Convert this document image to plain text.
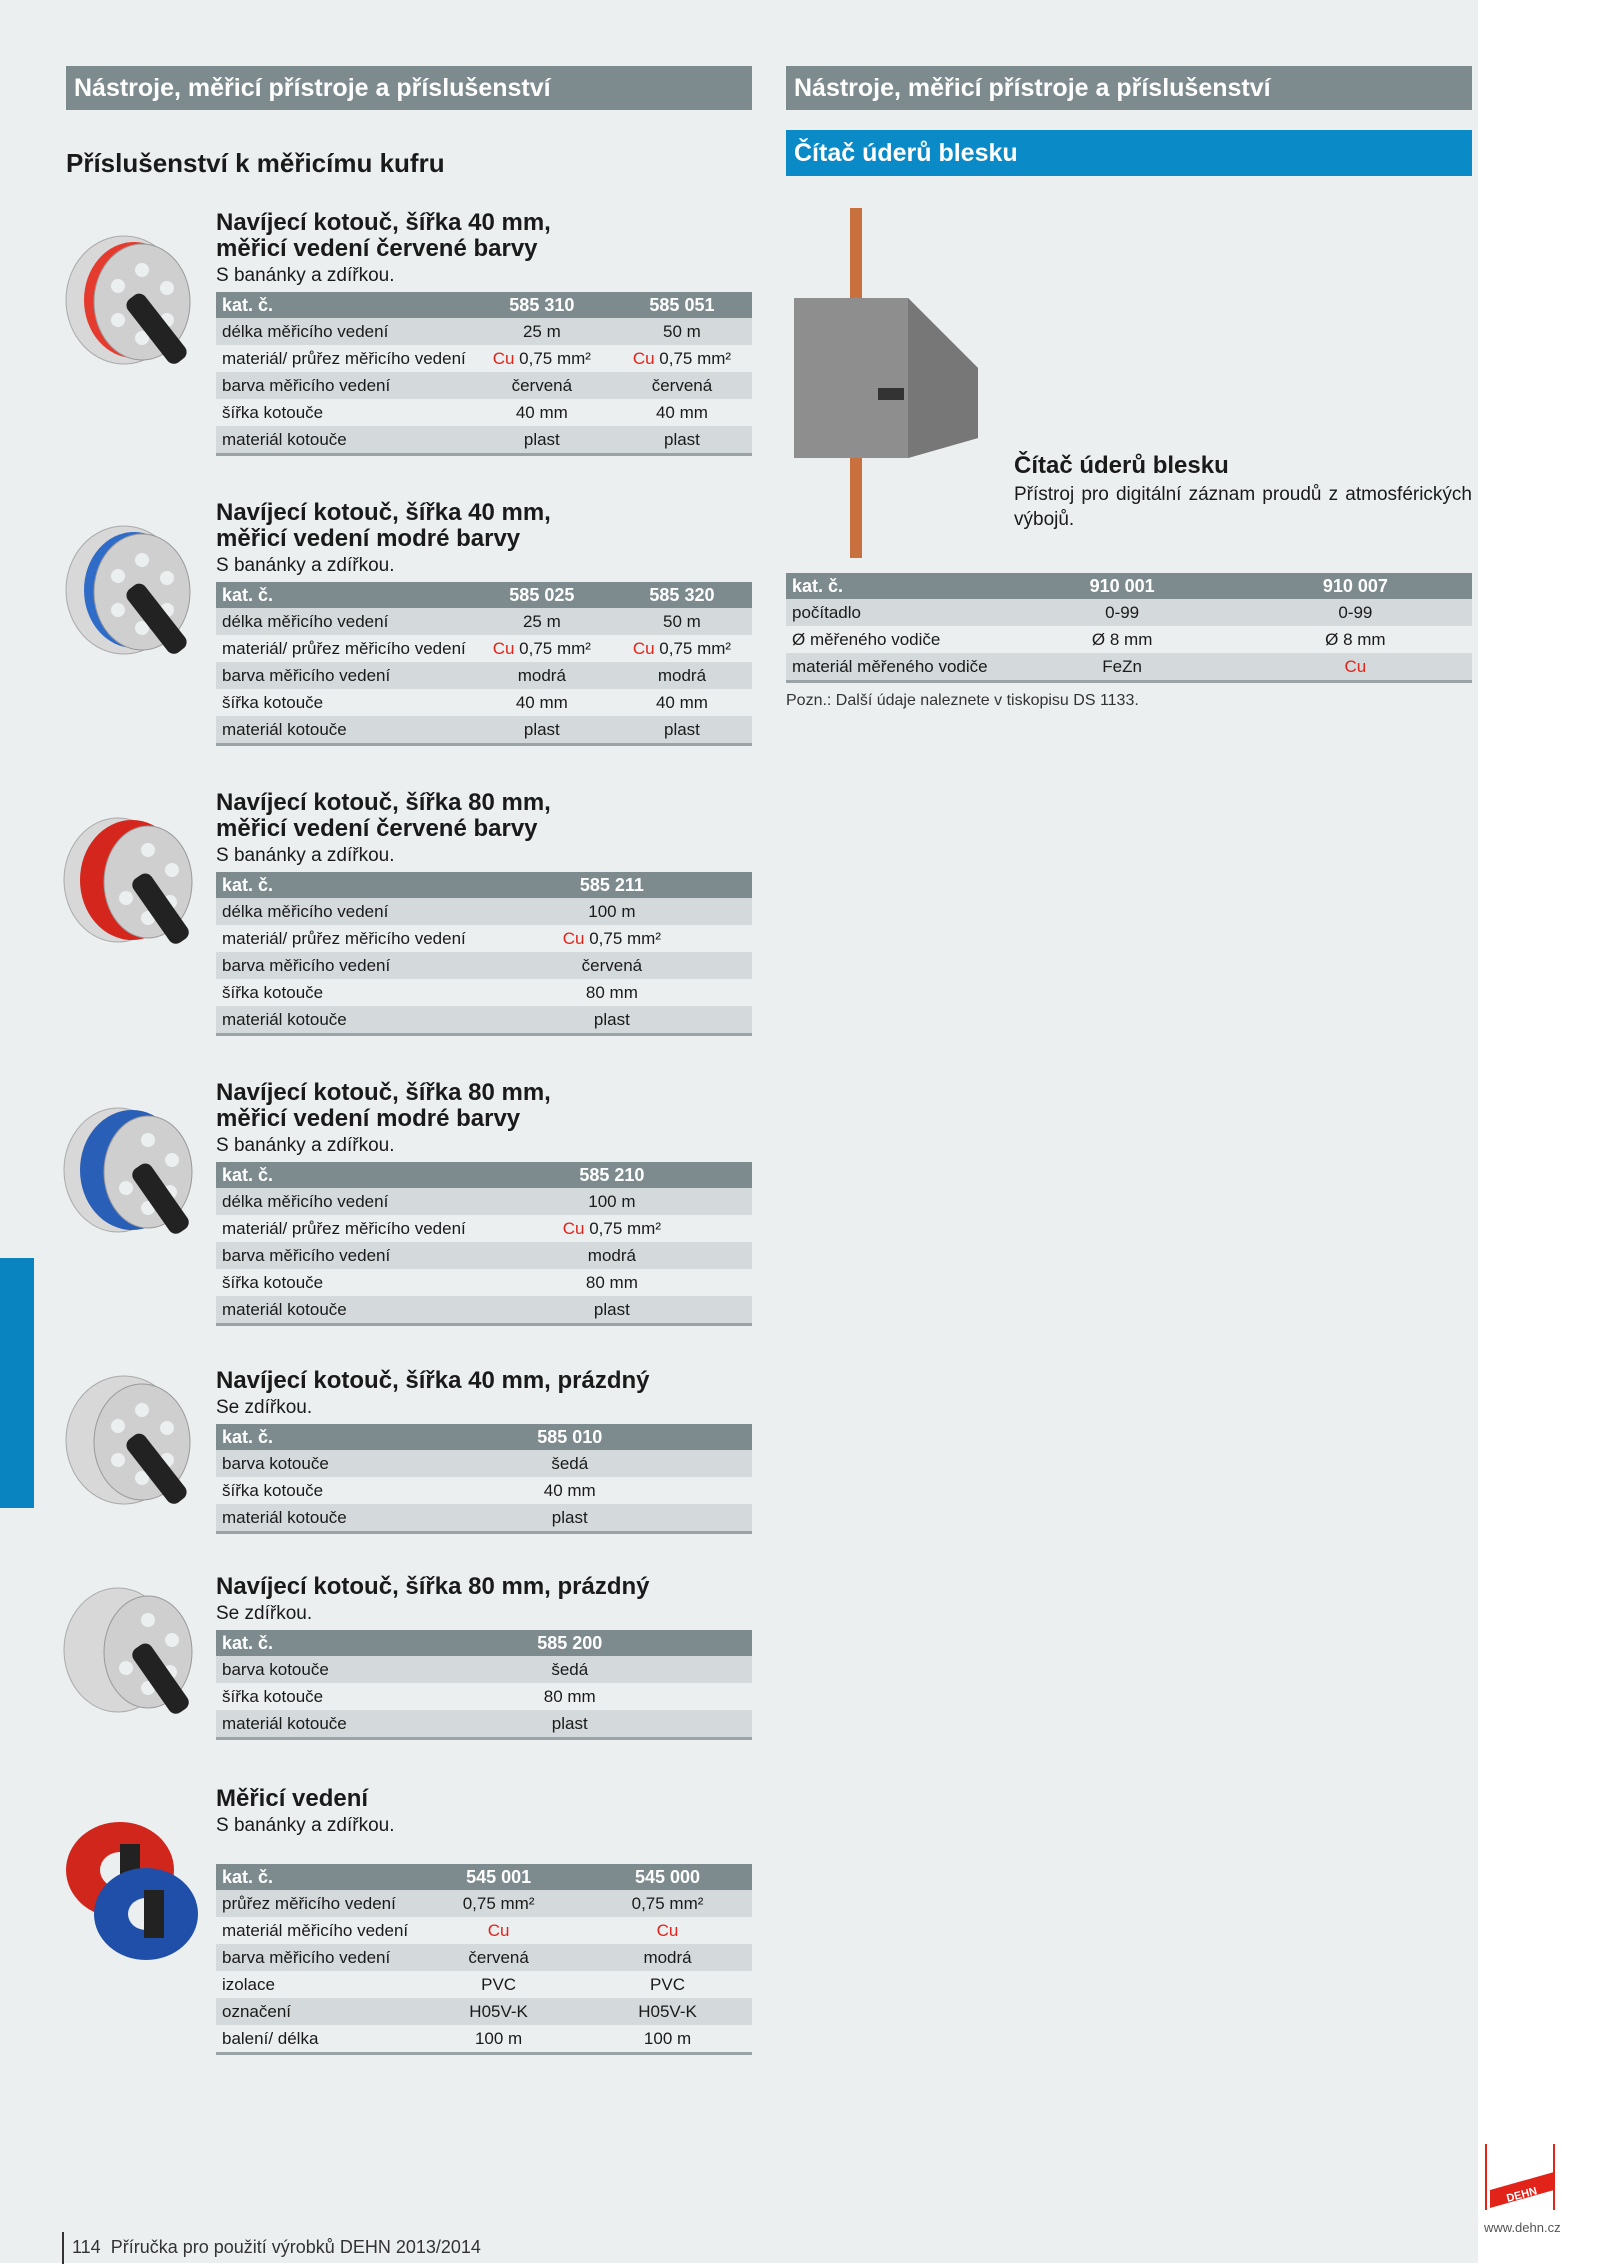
Nástroje, měřicí přístroje a příslušenství	Nástroje, měřicí přístroje a příslušenství
Čítač úderů blesku
Příslušenství k měřicímu kufru
Navíjecí kotouč, šířka 40 mm,
měřicí vedení červené barvy
S banánky a zdířkou.
kat. č.	585 310	585 051
délka měřicího vedení	25 m	50 m
materiál/ průřez měřicího vedení	Cu 0,75 mm²	Cu 0,75 mm²
barva měřicího vedení	červená	červená
šířka kotouče	40 mm	40 mm
materiál kotouče	plast	plast
Navíjecí kotouč, šířka 40 mm,
měřicí vedení modré barvy
S banánky a zdířkou.
kat. č.	585 025	585 320
délka měřicího vedení	25 m	50 m
materiál/ průřez měřicího vedení	Cu 0,75 mm²	Cu 0,75 mm²
barva měřicího vedení	modrá	modrá
šířka kotouče	40 mm	40 mm
materiál kotouče	plast	plast
Navíjecí kotouč, šířka 80 mm,
měřicí vedení červené barvy
S banánky a zdířkou.
kat. č.	585 211
délka měřicího vedení	100 m
materiál/ průřez měřicího vedení	Cu 0,75 mm²
barva měřicího vedení	červená
šířka kotouče	80 mm
materiál kotouče	plast
Navíjecí kotouč, šířka 80 mm,
měřicí vedení modré barvy
S banánky a zdířkou.
kat. č.	585 210
délka měřicího vedení	100 m
materiál/ průřez měřicího vedení	Cu 0,75 mm²
barva měřicího vedení	modrá
šířka kotouče	80 mm
materiál kotouče	plast
Navíjecí kotouč, šířka 40 mm, prázdný
Se zdířkou.
kat. č.	585 010
barva kotouče	šedá
šířka kotouče	40 mm
materiál kotouče	plast
Navíjecí kotouč, šířka 80 mm, prázdný
Se zdířkou.
kat. č.	585 200
barva kotouče	šedá
šířka kotouče	80 mm
materiál kotouče	plast
Měřicí vedení
S banánky a zdířkou.
kat. č.	545 001	545 000
průřez měřicího vedení	0,75 mm²	0,75 mm²
materiál měřicího vedení	Cu	Cu
barva měřicího vedení	červená	modrá
izolace	PVC	PVC
označení	H05V-K	H05V-K
balení/ délka	100 m	100 m
Čítač úderů blesku

Přístroj pro digitální záznam proudů z atmosférických výbojů.

kat. č.	910 001	910 007
počítadlo	0-99	0-99
Ø měřeného vodiče	Ø 8 mm	Ø 8 mm
materiál měřeného vodiče	FeZn	Cu
Pozn.: Další údaje naleznete v tiskopisu DS 1133.
114 Příručka pro použití výrobků DEHN 2013/2014
DEHN
www.dehn.cz
